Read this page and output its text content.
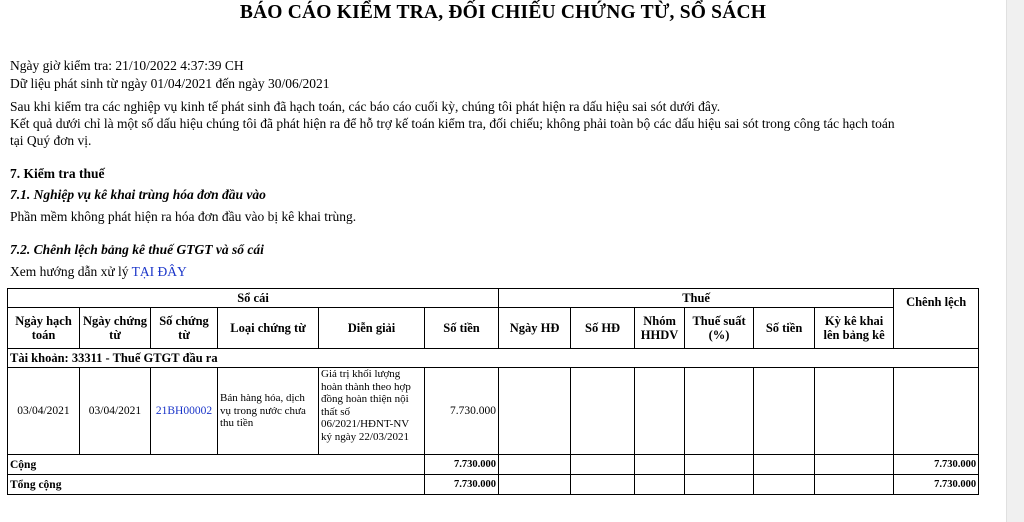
BÁO CÁO KIỂM TRA, ĐỐI CHIẾU CHỨNG TỪ, SỔ SÁCH
Ngày giờ kiểm tra: 21/10/2022 4:37:39 CH
Dữ liệu phát sinh từ ngày 01/04/2021 đến ngày 30/06/2021
Sau khi kiểm tra các nghiệp vụ kinh tế phát sinh đã hạch toán, các báo cáo cuối kỳ, chúng tôi phát hiện ra dấu hiệu sai sót dưới đây.
Kết quả dưới chỉ là một số dấu hiệu chúng tôi đã phát hiện ra để hỗ trợ kế toán kiểm tra, đối chiếu; không phải toàn bộ các dấu hiệu sai sót trong công tác hạch toán
tại Quý đơn vị.
7. Kiểm tra thuế
7.1. Nghiệp vụ kê khai trùng hóa đơn đầu vào
Phần mềm không phát hiện ra hóa đơn đầu vào bị kê khai trùng.
7.2. Chênh lệch bảng kê thuế GTGT và sổ cái
Xem hướng dẫn xử lý TẠI ĐÂY
Sổ cái						Thuế						Chênh lệch
Ngày hạch toán	Ngày chứng từ	Số chứng từ	Loại chứng từ	Diễn giải	Số tiền	Ngày HĐ	Số HĐ	Nhóm HHDV	Thuế suất (%)	Số tiền	Kỳ kê khai lên bảng kê	
Tài khoản: 33311 - Thuế GTGT đầu ra												
03/04/2021	03/04/2021	21BH00002	Bán hàng hóa, dịch vụ trong nước chưa thu tiền	Giá trị khối lượng hoàn thành theo hợp đồng hoàn thiện nội thất số 06/2021/HĐNT-NV ký ngày 22/03/2021	7.730.000							
Cộng					7.730.000							7.730.000
Tổng cộng					7.730.000							7.730.000
